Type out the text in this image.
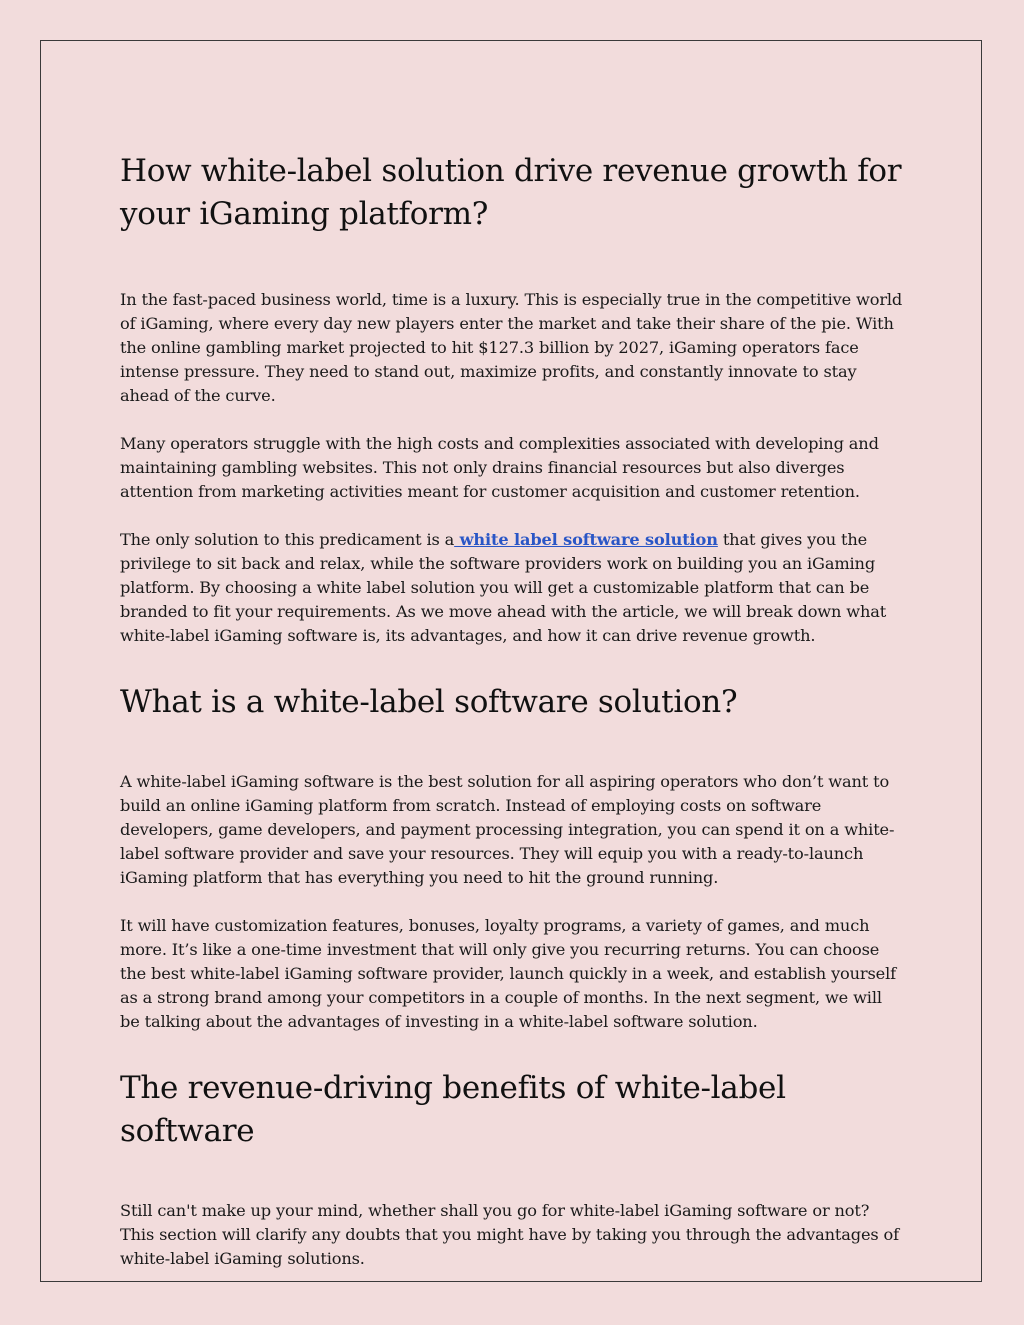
How white-label solution drive revenue growth for your iGaming platform?

In the fast-paced business world, time is a luxury. This is especially true in the competitive world of iGaming, where every day new players enter the market and take their share of the pie. With the online gambling market projected to hit $127.3 billion by 2027, iGaming operators face intense pressure. They need to stand out, maximize profits, and constantly innovate to stay ahead of the curve.

Many operators struggle with the high costs and complexities associated with developing and maintaining gambling websites. This not only drains financial resources but also diverges attention from marketing activities meant for customer acquisition and customer retention.

The only solution to this predicament is a white label software solution that gives you the privilege to sit back and relax, while the software providers work on building you an iGaming platform. By choosing a white label solution you will get a customizable platform that can be branded to fit your requirements. As we move ahead with the article, we will break down what white-label iGaming software is, its advantages, and how it can drive revenue growth.

What is a white-label software solution?

A white-label iGaming software is the best solution for all aspiring operators who don’t want to build an online iGaming platform from scratch. Instead of employing costs on software developers, game developers, and payment processing integration, you can spend it on a white-label software provider and save your resources. They will equip you with a ready-to-launch iGaming platform that has everything you need to hit the ground running.

It will have customization features, bonuses, loyalty programs, a variety of games, and much more. It’s like a one-time investment that will only give you recurring returns. You can choose the best white-label iGaming software provider, launch quickly in a week, and establish yourself as a strong brand among your competitors in a couple of months. In the next segment, we will be talking about the advantages of investing in a white-label software solution.

The revenue-driving benefits of white-label software

Still can't make up your mind, whether shall you go for white-label iGaming software or not? This section will clarify any doubts that you might have by taking you through the advantages of white-label iGaming solutions.
